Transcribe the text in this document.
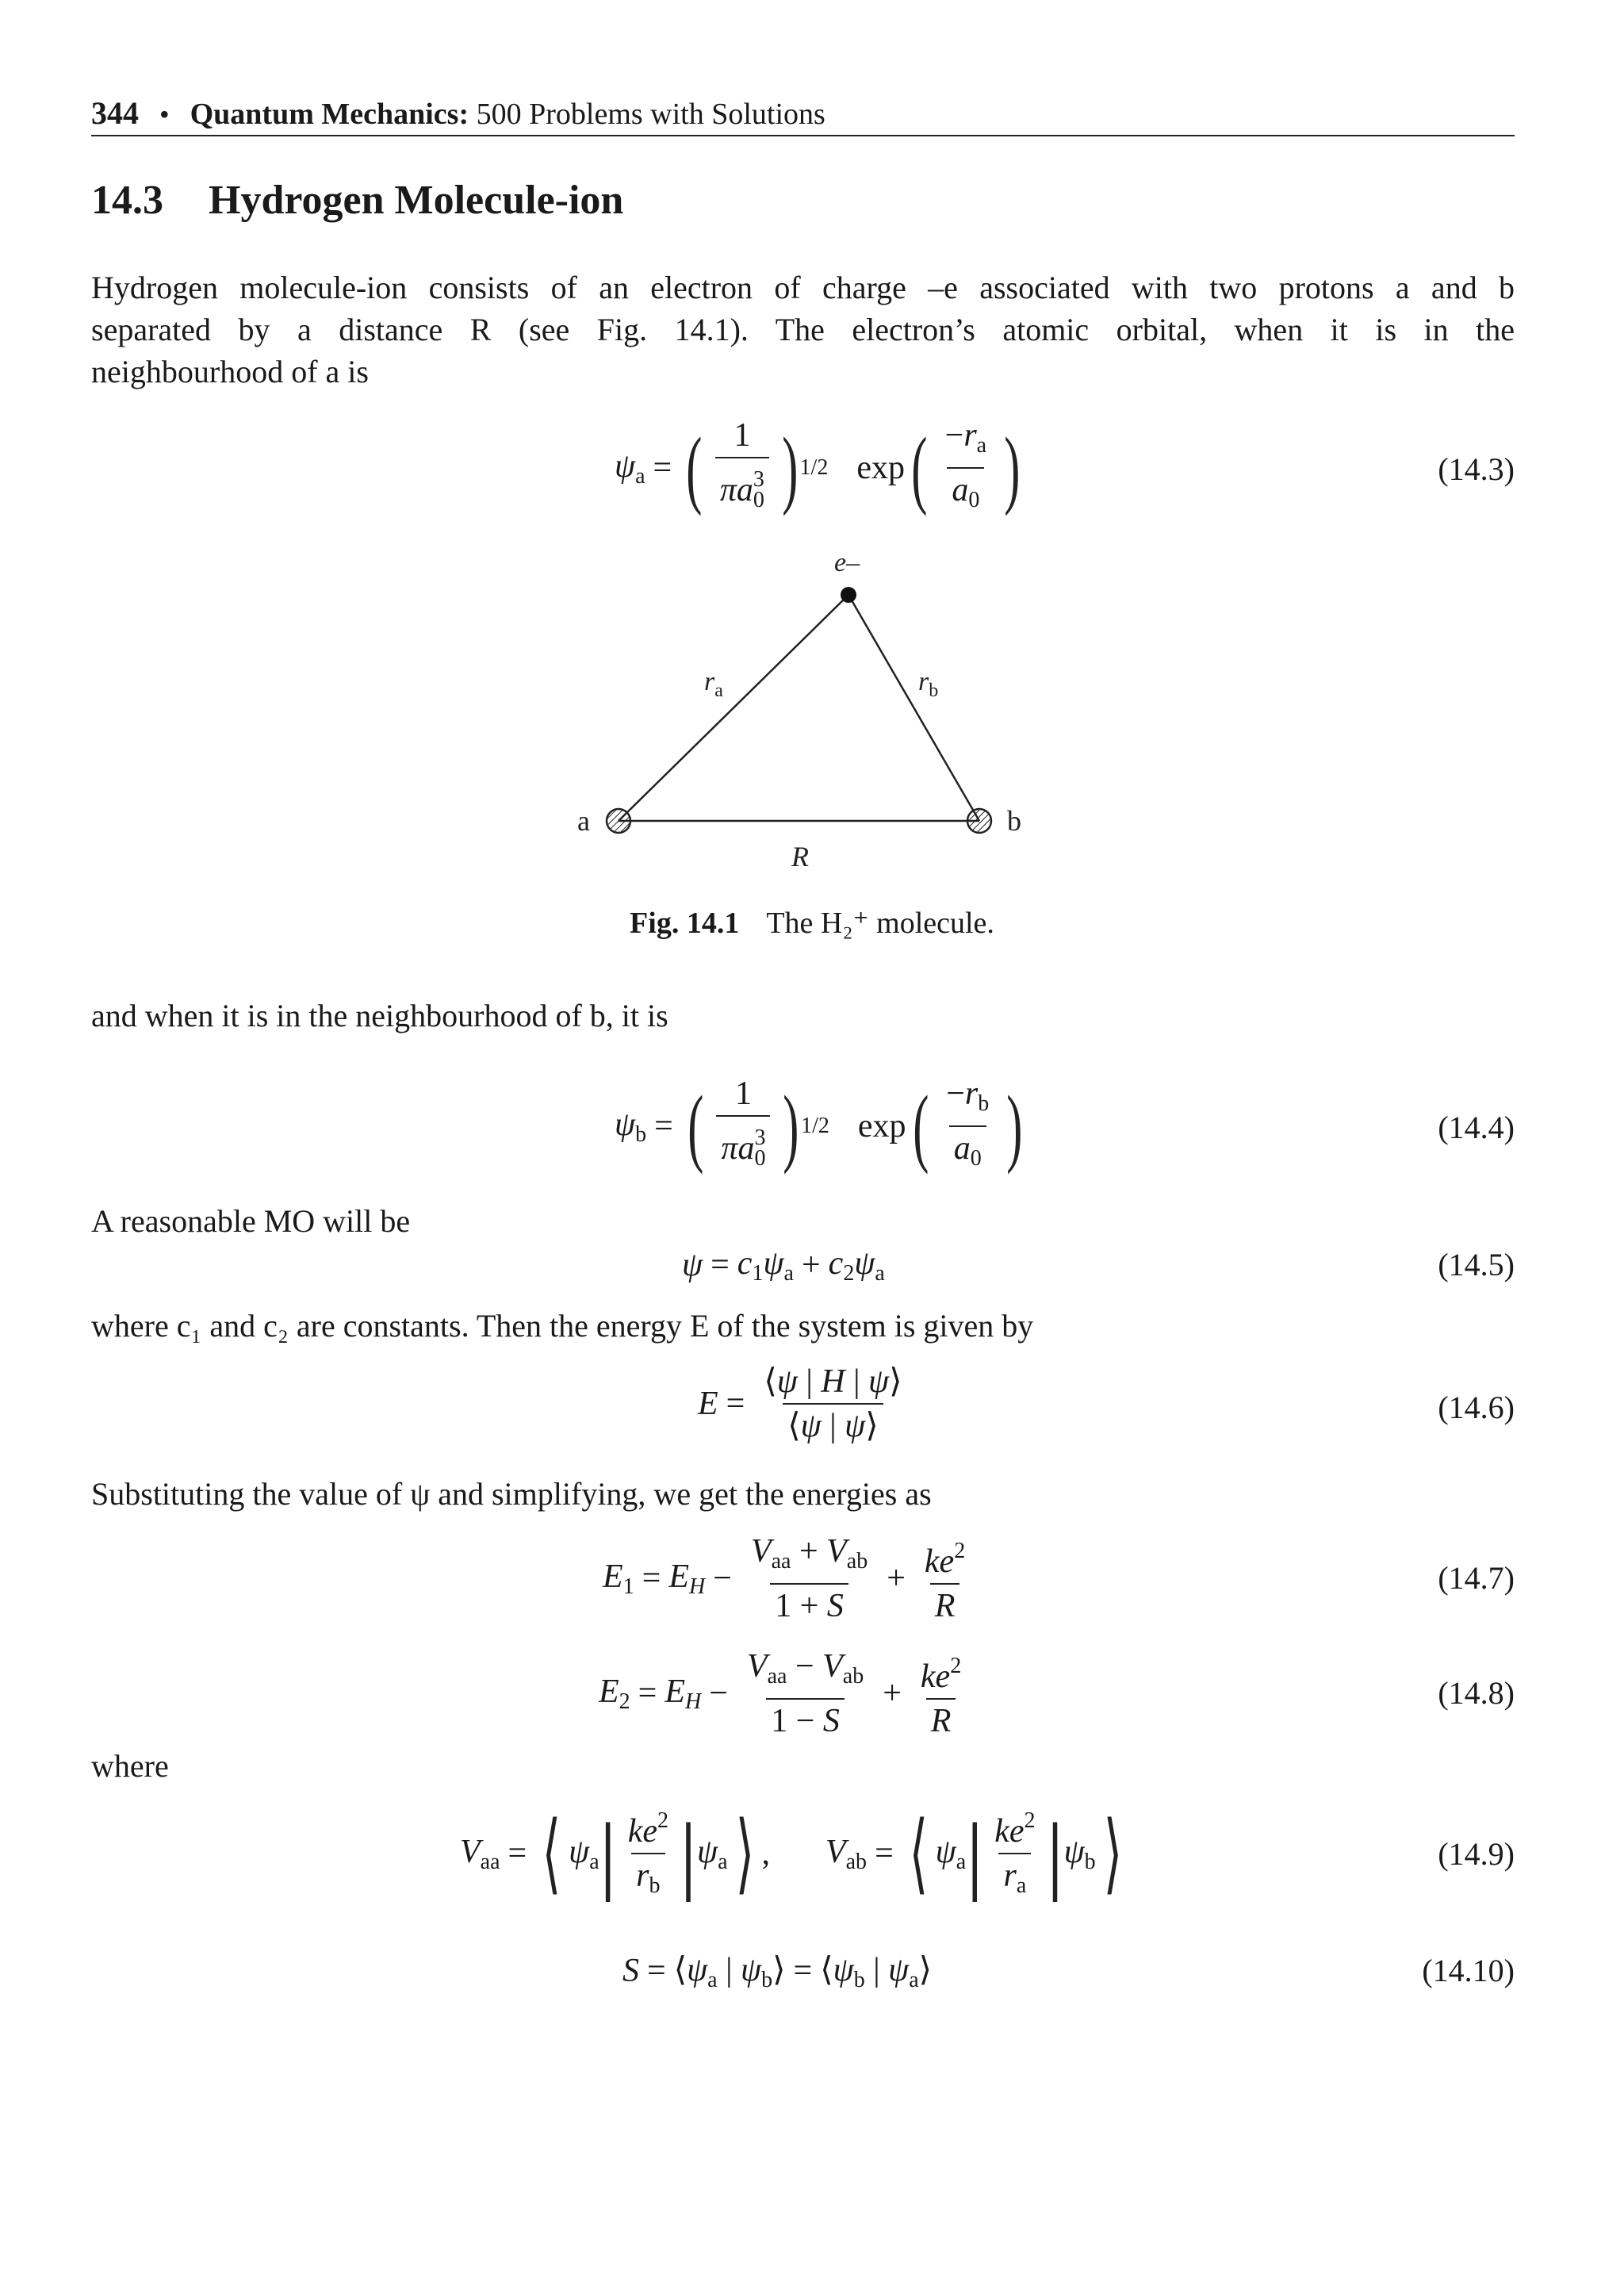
344 • Quantum Mechanics: 500 Problems with Solutions
14.3 Hydrogen Molecule-ion
Hydrogen molecule-ion consists of an electron of charge –e associated with two protons a and b
separated by a distance R (see Fig. 14.1). The electron’s atomic orbital, when it is in the
neighbourhood of a is
$\psi_a$ = ( $\frac{1}{\pi a_0^3}$ ) 1/2 exp ( $\frac{-r_a}{a_0}$ )	(14.3)
e–
$r_a$	$r_b$
a	b
R
Fig. 14.1 The H₂⁺ molecule.
and when it is in the neighbourhood of b, it is
$\psi_b$ = ( $\frac{1}{\pi a_0^3}$ ) 1/2 exp ( $\frac{-r_b}{a_0}$ )	(14.4)
A reasonable MO will be
$\psi = c_1\psi_a + c_2\psi_a$	(14.5)
where c₁ and c₂ are constants. Then the energy E of the system is given by
$E = \frac{⟨\psi | H | \psi⟩}{⟨\psi | \psi⟩}$	(14.6)
Substituting the value of ψ and simplifying, we get the energies as
$E_1$ = EH − $\frac{V_{aa} + V_{ab}}{1 + S} + \frac{ke^2}{R}$	(14.7)
$E_2$ = EH − $\frac{V_{aa} - V_{ab}}{1 - S} + \frac{ke^2}{R}$	(14.8)
where
$V_{aa}$ = ⟨ $\psi_a$ | $\frac{ke^2}{r_b}$ | $\psi_a$ ⟩ , $V_{ab}$ = ⟨ $\psi_a$ | $\frac{ke^2}{r_a}$ | $\psi_b$ ⟩	(14.9)
$S = ⟨\psi_a$ | $\psi_b⟩$ = $⟨\psi_b$ | $\psi_a⟩$	(14.10)
